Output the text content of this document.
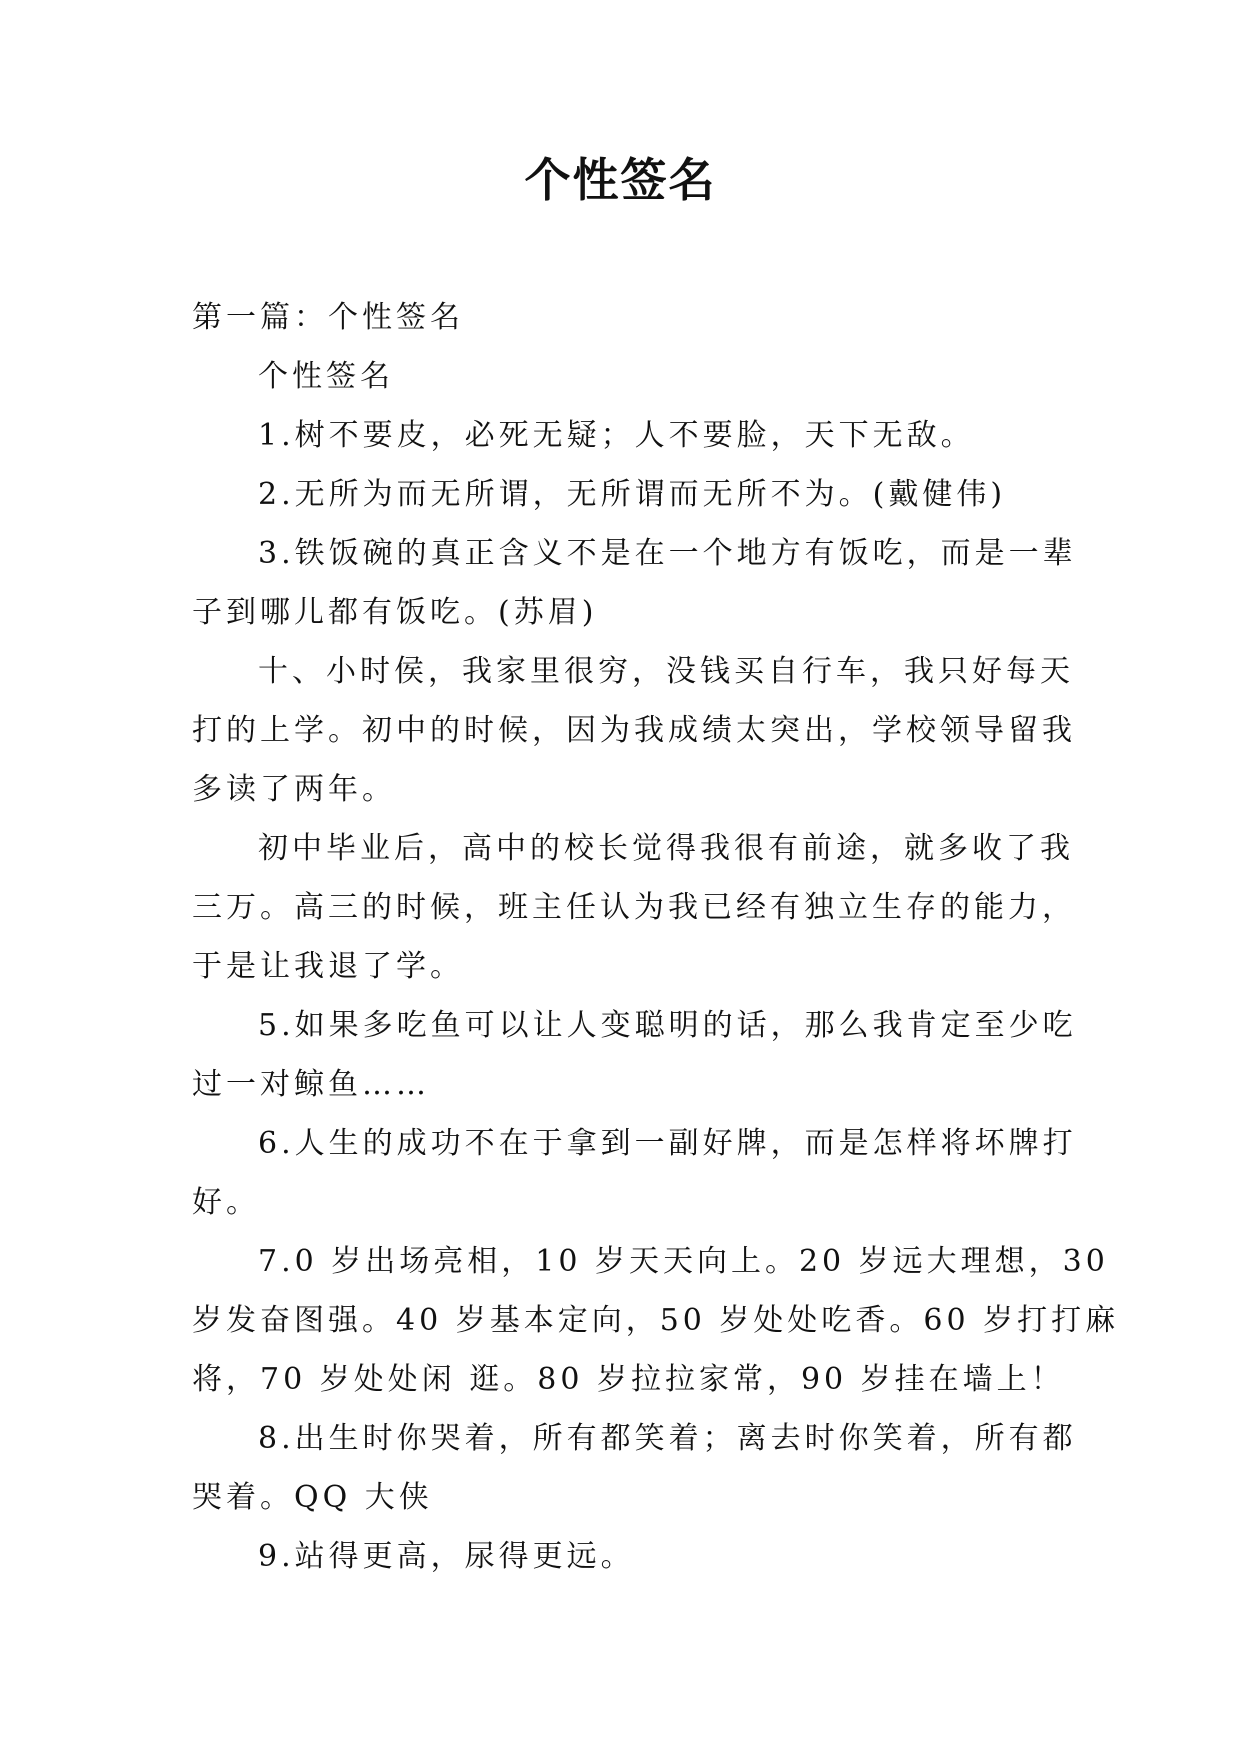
个性签名
第一篇：个性签名
个性签名
1.树不要皮，必死无疑；人不要脸，天下无敌。
2.无所为而无所谓，无所谓而无所不为。(戴健伟)
3.铁饭碗的真正含义不是在一个地方有饭吃，而是一辈
子到哪儿都有饭吃。(苏眉)
十、小时侯，我家里很穷，没钱买自行车，我只好每天
打的上学。初中的时候，因为我成绩太突出，学校领导留我
多读了两年。
初中毕业后，高中的校长觉得我很有前途，就多收了我
三万。高三的时候，班主任认为我已经有独立生存的能力，
于是让我退了学。
5.如果多吃鱼可以让人变聪明的话，那么我肯定至少吃
过一对鲸鱼……
6.人生的成功不在于拿到一副好牌，而是怎样将坏牌打
好。
7.0 岁出场亮相，10 岁天天向上。20 岁远大理想，30
岁发奋图强。40 岁基本定向，50 岁处处吃香。60 岁打打麻
将，70 岁处处闲 逛。80 岁拉拉家常，90 岁挂在墙上！
8.出生时你哭着，所有都笑着；离去时你笑着，所有都
哭着。QQ 大侠
9.站得更高，尿得更远。
